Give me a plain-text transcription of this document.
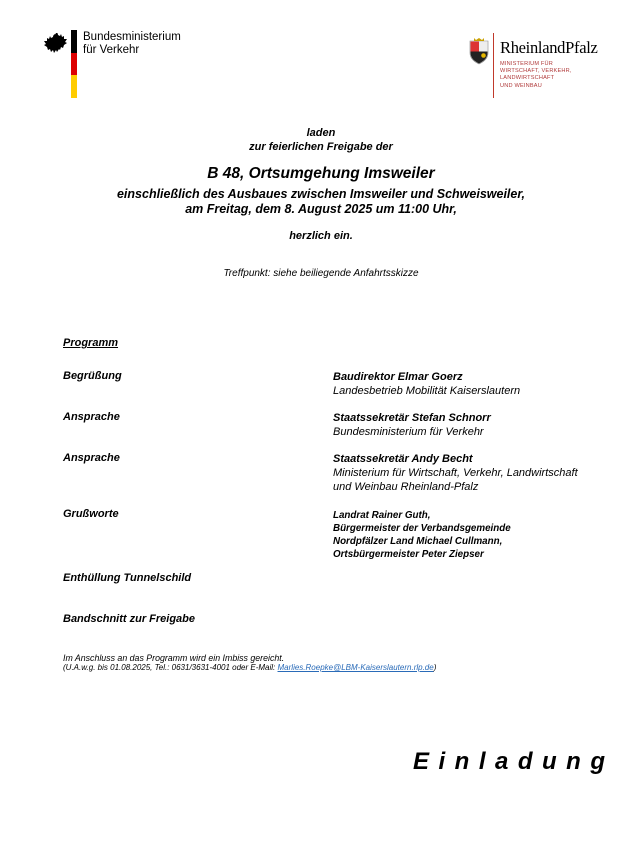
Bundesministerium
für Verkehr	RheinlandPfalz
MINISTERIUM FÜR
WIRTSCHAFT, VERKEHR,
LANDWIRTSCHAFT
UND WEINBAU
laden
zur feierlichen Freigabe der
B 48, Ortsumgehung Imsweiler
einschließlich des Ausbaues zwischen Imsweiler und Schweisweiler,
am Freitag, dem 8. August 2025 um 11:00 Uhr,
herzlich ein.
Treffpunkt: siehe beiliegende Anfahrtsskizze
Programm
Begrüßung	Baudirektor Elmar Goerz
Landesbetrieb Mobilität Kaiserslautern
Ansprache	Staatssekretär Stefan Schnorr
Bundesministerium für Verkehr
Ansprache	Staatssekretär Andy Becht
Ministerium für Wirtschaft, Verkehr, Landwirtschaft
und Weinbau Rheinland-Pfalz
Grußworte	Landrat Rainer Guth,
Bürgermeister der Verbandsgemeinde
Nordpfälzer Land Michael Cullmann,
Ortsbürgermeister Peter Ziepser
Enthüllung Tunnelschild
Bandschnitt zur Freigabe
Im Anschluss an das Programm wird ein Imbiss gereicht.
(U.A.w.g. bis 01.08.2025, Tel.: 0631/3631-4001 oder E-Mail: Marlies.Roepke@LBM-Kaiserslautern.rlp.de)
Einladung
